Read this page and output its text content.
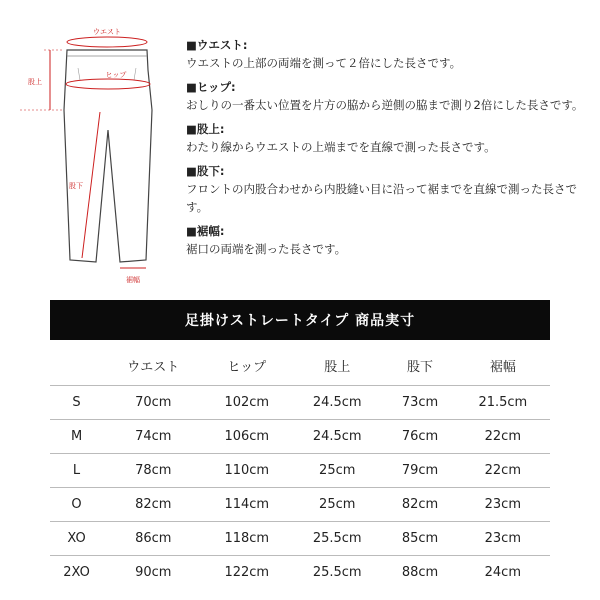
ウエスト
ヒップ
股上
股下
裾幅
■ウエスト:
ウエストの上部の両端を測って２倍にした長さです。
■ヒップ:
おしりの一番太い位置を片方の脇から逆側の脇まで測り2倍にした長さです。
■股上:
わたり線からウエストの上端までを直線で測った長さです。
■股下:
フロントの内股合わせから内股縫い目に沿って裾までを直線で測った長さです。
■裾幅:
裾口の両端を測った長さです。
足掛けストレートタイプ 商品実寸
	ウエスト	ヒップ	股上	股下	裾幅
S	70cm	102cm	24.5cm	73cm	21.5cm
M	74cm	106cm	24.5cm	76cm	22cm
L	78cm	110cm	25cm	79cm	22cm
O	82cm	114cm	25cm	82cm	23cm
XO	86cm	118cm	25.5cm	85cm	23cm
2XO	90cm	122cm	25.5cm	88cm	24cm
